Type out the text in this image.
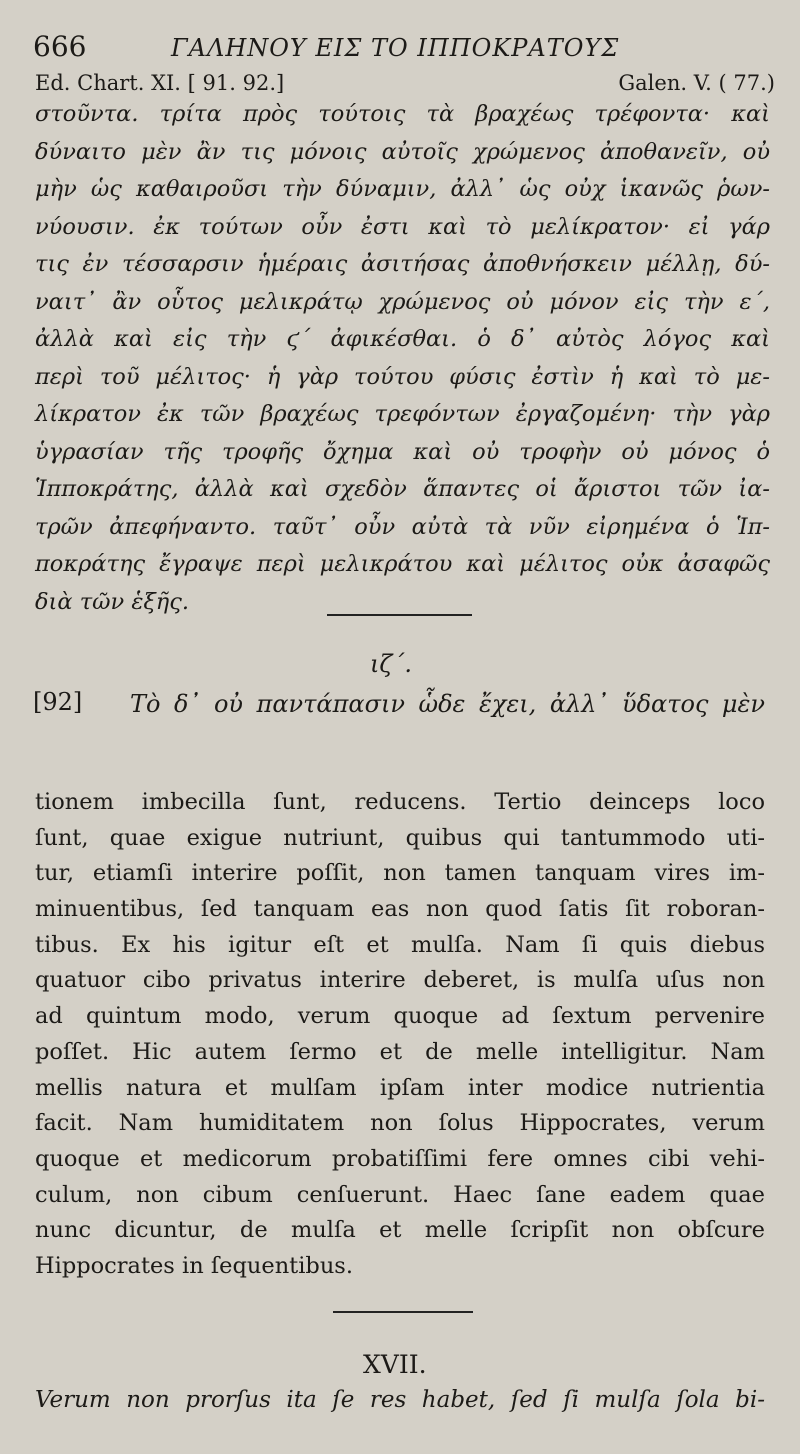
666	ΓΑΛΗΝΟΥ ΕΙΣ ΤΟ ΙΠΠΟΚΡΑΤΟΥΣ
Ed. Chart. XI. [ 91. 92.]	Galen. V. ( 77.)
στοῦντα. τρίτα πρὸς τούτοις τὰ βραχέως τρέφοντα· καὶ
δύναιτο μὲν ἂν τις μόνοις αὐτοῖς χρώμενος ἀποθανεῖν, οὐ
μὴν ὡς καθαιροῦσι τὴν δύναμιν, ἀλλ᾽ ὡς οὐχ ἱκανῶς ῥων-
νύουσιν. ἐκ τούτων οὖν ἐστι καὶ τὸ μελίκρατον· εἰ γάρ
τις ἐν τέσσαρσιν ἡμέραις ἀσιτήσας ἀποθνήσκειν μέλλῃ, δύ-
ναιτ᾽ ἂν οὗτος μελικράτῳ χρώμενος οὐ μόνον εἰς τὴν ε΄,
ἀλλὰ καὶ εἰς τὴν ϛ΄ ἀφικέσθαι. ὁ δ᾽ αὐτὸς λόγος καὶ
περὶ τοῦ μέλιτος· ἡ γὰρ τούτου φύσις ἐστὶν ἡ καὶ τὸ με-
λίκρατον ἐκ τῶν βραχέως τρεφόντων ἐργαζομένη· τὴν γὰρ
ὑγρασίαν τῆς τροφῆς ὄχημα καὶ οὐ τροφὴν οὐ μόνος ὁ
Ἱπποκράτης, ἀλλὰ καὶ σχεδὸν ἅπαντες οἱ ἄριστοι τῶν ἰα-
τρῶν ἀπεφήναντο. ταῦτ᾽ οὖν αὐτὰ τὰ νῦν εἰρημένα ὁ Ἱπ-
ποκράτης ἔγραψε περὶ μελικράτου καὶ μέλιτος οὐκ ἀσαφῶς
διὰ τῶν ἑξῆς.
ιζ΄.
[92] Τὸ δ᾽ οὐ παντάπασιν ὧδε ἔχει, ἀλλ᾽ ὕδατος μὲν
tionem imbecilla ſunt, reducens. Tertio deinceps loco
ſunt, quae exigue nutriunt, quibus qui tantummodo uti-
tur, etiamſi interire poſſit, non tamen tanquam vires im-
minuentibus, ſed tanquam eas non quod ſatis ſit roboran-
tibus. Ex his igitur eſt et mulſa. Nam ſi quis diebus
quatuor cibo privatus interire deberet, is mulſa uſus non
ad quintum modo, verum quoque ad ſextum pervenire
poſſet. Hic autem ſermo et de melle intelligitur. Nam
mellis natura et mulſam ipſam inter modice nutrientia
facit. Nam humiditatem non ſolus Hippocrates, verum
quoque et medicorum probatiſſimi fere omnes cibi vehi-
culum, non cibum cenſuerunt. Haec ſane eadem quae
nunc dicuntur, de mulſa et melle ſcripſit non obſcure
Hippocrates in ſequentibus.
XVII.
Verum non prorſus ita ſe res habet, ſed ſi mulſa ſola bi-
